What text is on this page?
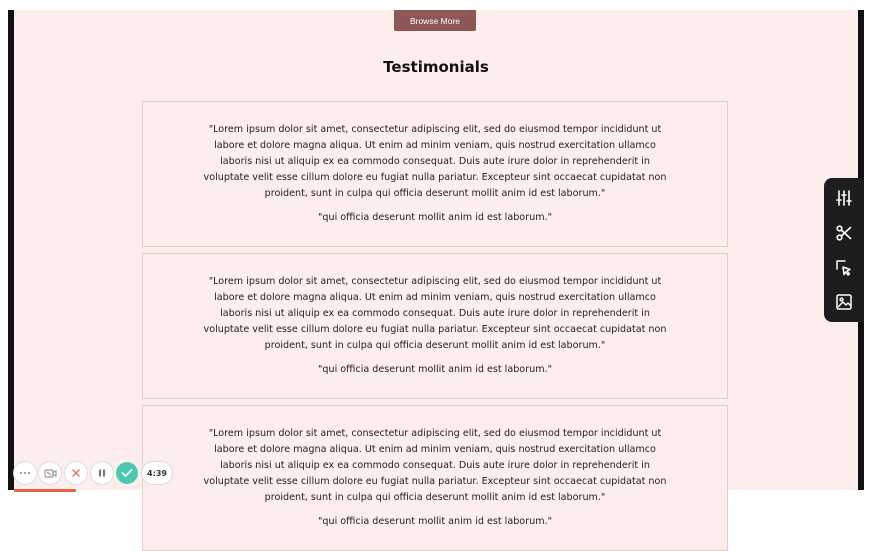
Browse More
Testimonials
"Lorem ipsum dolor sit amet, consectetur adipiscing elit, sed do eiusmod tempor incididunt ut labore et dolore magna aliqua. Ut enim ad minim veniam, quis nostrud exercitation ullamco laboris nisi ut aliquip ex ea commodo consequat. Duis aute irure dolor in reprehenderit in voluptate velit esse cillum dolore eu fugiat nulla pariatur. Excepteur sint occaecat cupidatat non proident, sunt in culpa qui officia deserunt mollit anim id est laborum."
"qui officia deserunt mollit anim id est laborum."
"Lorem ipsum dolor sit amet, consectetur adipiscing elit, sed do eiusmod tempor incididunt ut labore et dolore magna aliqua. Ut enim ad minim veniam, quis nostrud exercitation ullamco laboris nisi ut aliquip ex ea commodo consequat. Duis aute irure dolor in reprehenderit in voluptate velit esse cillum dolore eu fugiat nulla pariatur. Excepteur sint occaecat cupidatat non proident, sunt in culpa qui officia deserunt mollit anim id est laborum."
"qui officia deserunt mollit anim id est laborum."
"Lorem ipsum dolor sit amet, consectetur adipiscing elit, sed do eiusmod tempor incididunt ut labore et dolore magna aliqua. Ut enim ad minim veniam, quis nostrud exercitation ullamco laboris nisi ut aliquip ex ea commodo consequat. Duis aute irure dolor in reprehenderit in voluptate velit esse cillum dolore eu fugiat nulla pariatur. Excepteur sint occaecat cupidatat non proident, sunt in culpa qui officia deserunt mollit anim id est laborum."
"qui officia deserunt mollit anim id est laborum."
4:39
